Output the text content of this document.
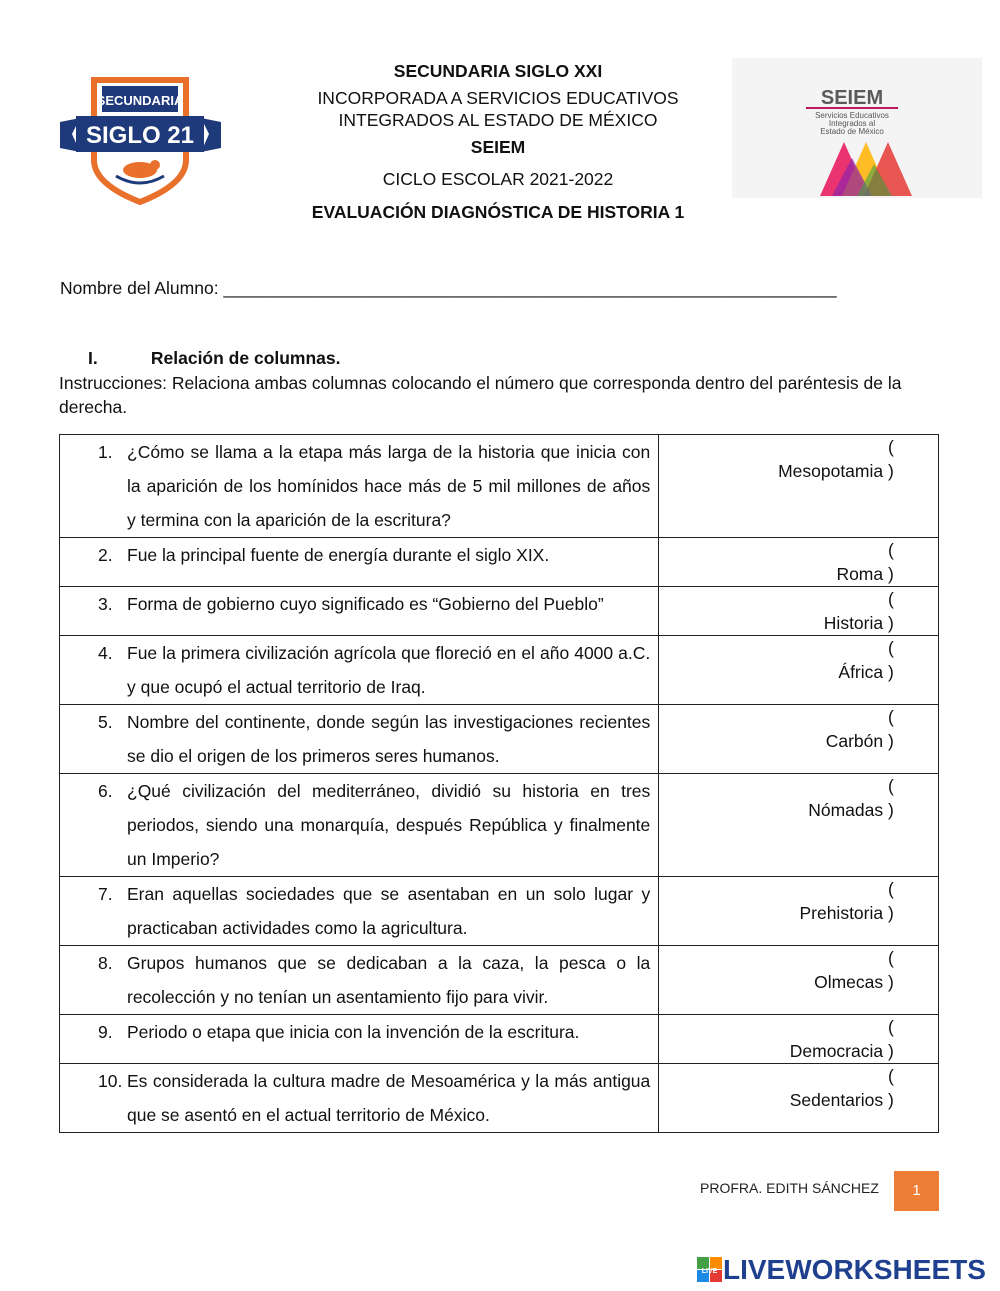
SECUNDARIA
SIGLO 21
SEIEM
Servicios Educativos
Integrados al
Estado de México
SECUNDARIA SIGLO XXI
INCORPORADA A SERVICIOS EDUCATIVOS
INTEGRADOS AL ESTADO DE MÉXICO
SEIEM
CICLO ESCOLAR 2021-2022
EVALUACIÓN DIAGNÓSTICA DE HISTORIA 1
Nombre del Alumno: _______________________________________________________________
I.	Relación de columnas.
Instrucciones: Relaciona ambas columnas colocando el número que corresponda dentro del paréntesis de la derecha.
1. ¿Cómo se llama a la etapa más larga de la historia que inicia con la aparición de los homínidos hace más de 5 mil millones de años y termina con la aparición de la escritura?	Mesopotamia ()

2. Fue la principal fuente de energía durante el siglo XIX.	Roma ()

3. Forma de gobierno cuyo significado es “Gobierno del Pueblo”	Historia ()

4. Fue la primera civilización agrícola que floreció en el año 4000 a.C. y que ocupó el actual territorio de Iraq.	África ()

5. Nombre del continente, donde según las investigaciones recientes se dio el origen de los primeros seres humanos.	Carbón ()

6. ¿Qué civilización del mediterráneo, dividió su historia en tres periodos, siendo una monarquía, después República y finalmente un Imperio?	Nómadas ()

7. Eran aquellas sociedades que se asentaban en un solo lugar y practicaban actividades como la agricultura.	Prehistoria ()

8. Grupos humanos que se dedicaban a la caza, la pesca o la recolección y no tenían un asentamiento fijo para vivir.	Olmecas ()

9. Periodo o etapa que inicia con la invención de la escritura.	Democracia ()

10. Es considerada la cultura madre de Mesoamérica y la más antigua que se asentó en el actual territorio de México.	Sedentarios ()
PROFRA. EDITH SÁNCHEZ	1
LIVE LIVEWORKSHEETS
